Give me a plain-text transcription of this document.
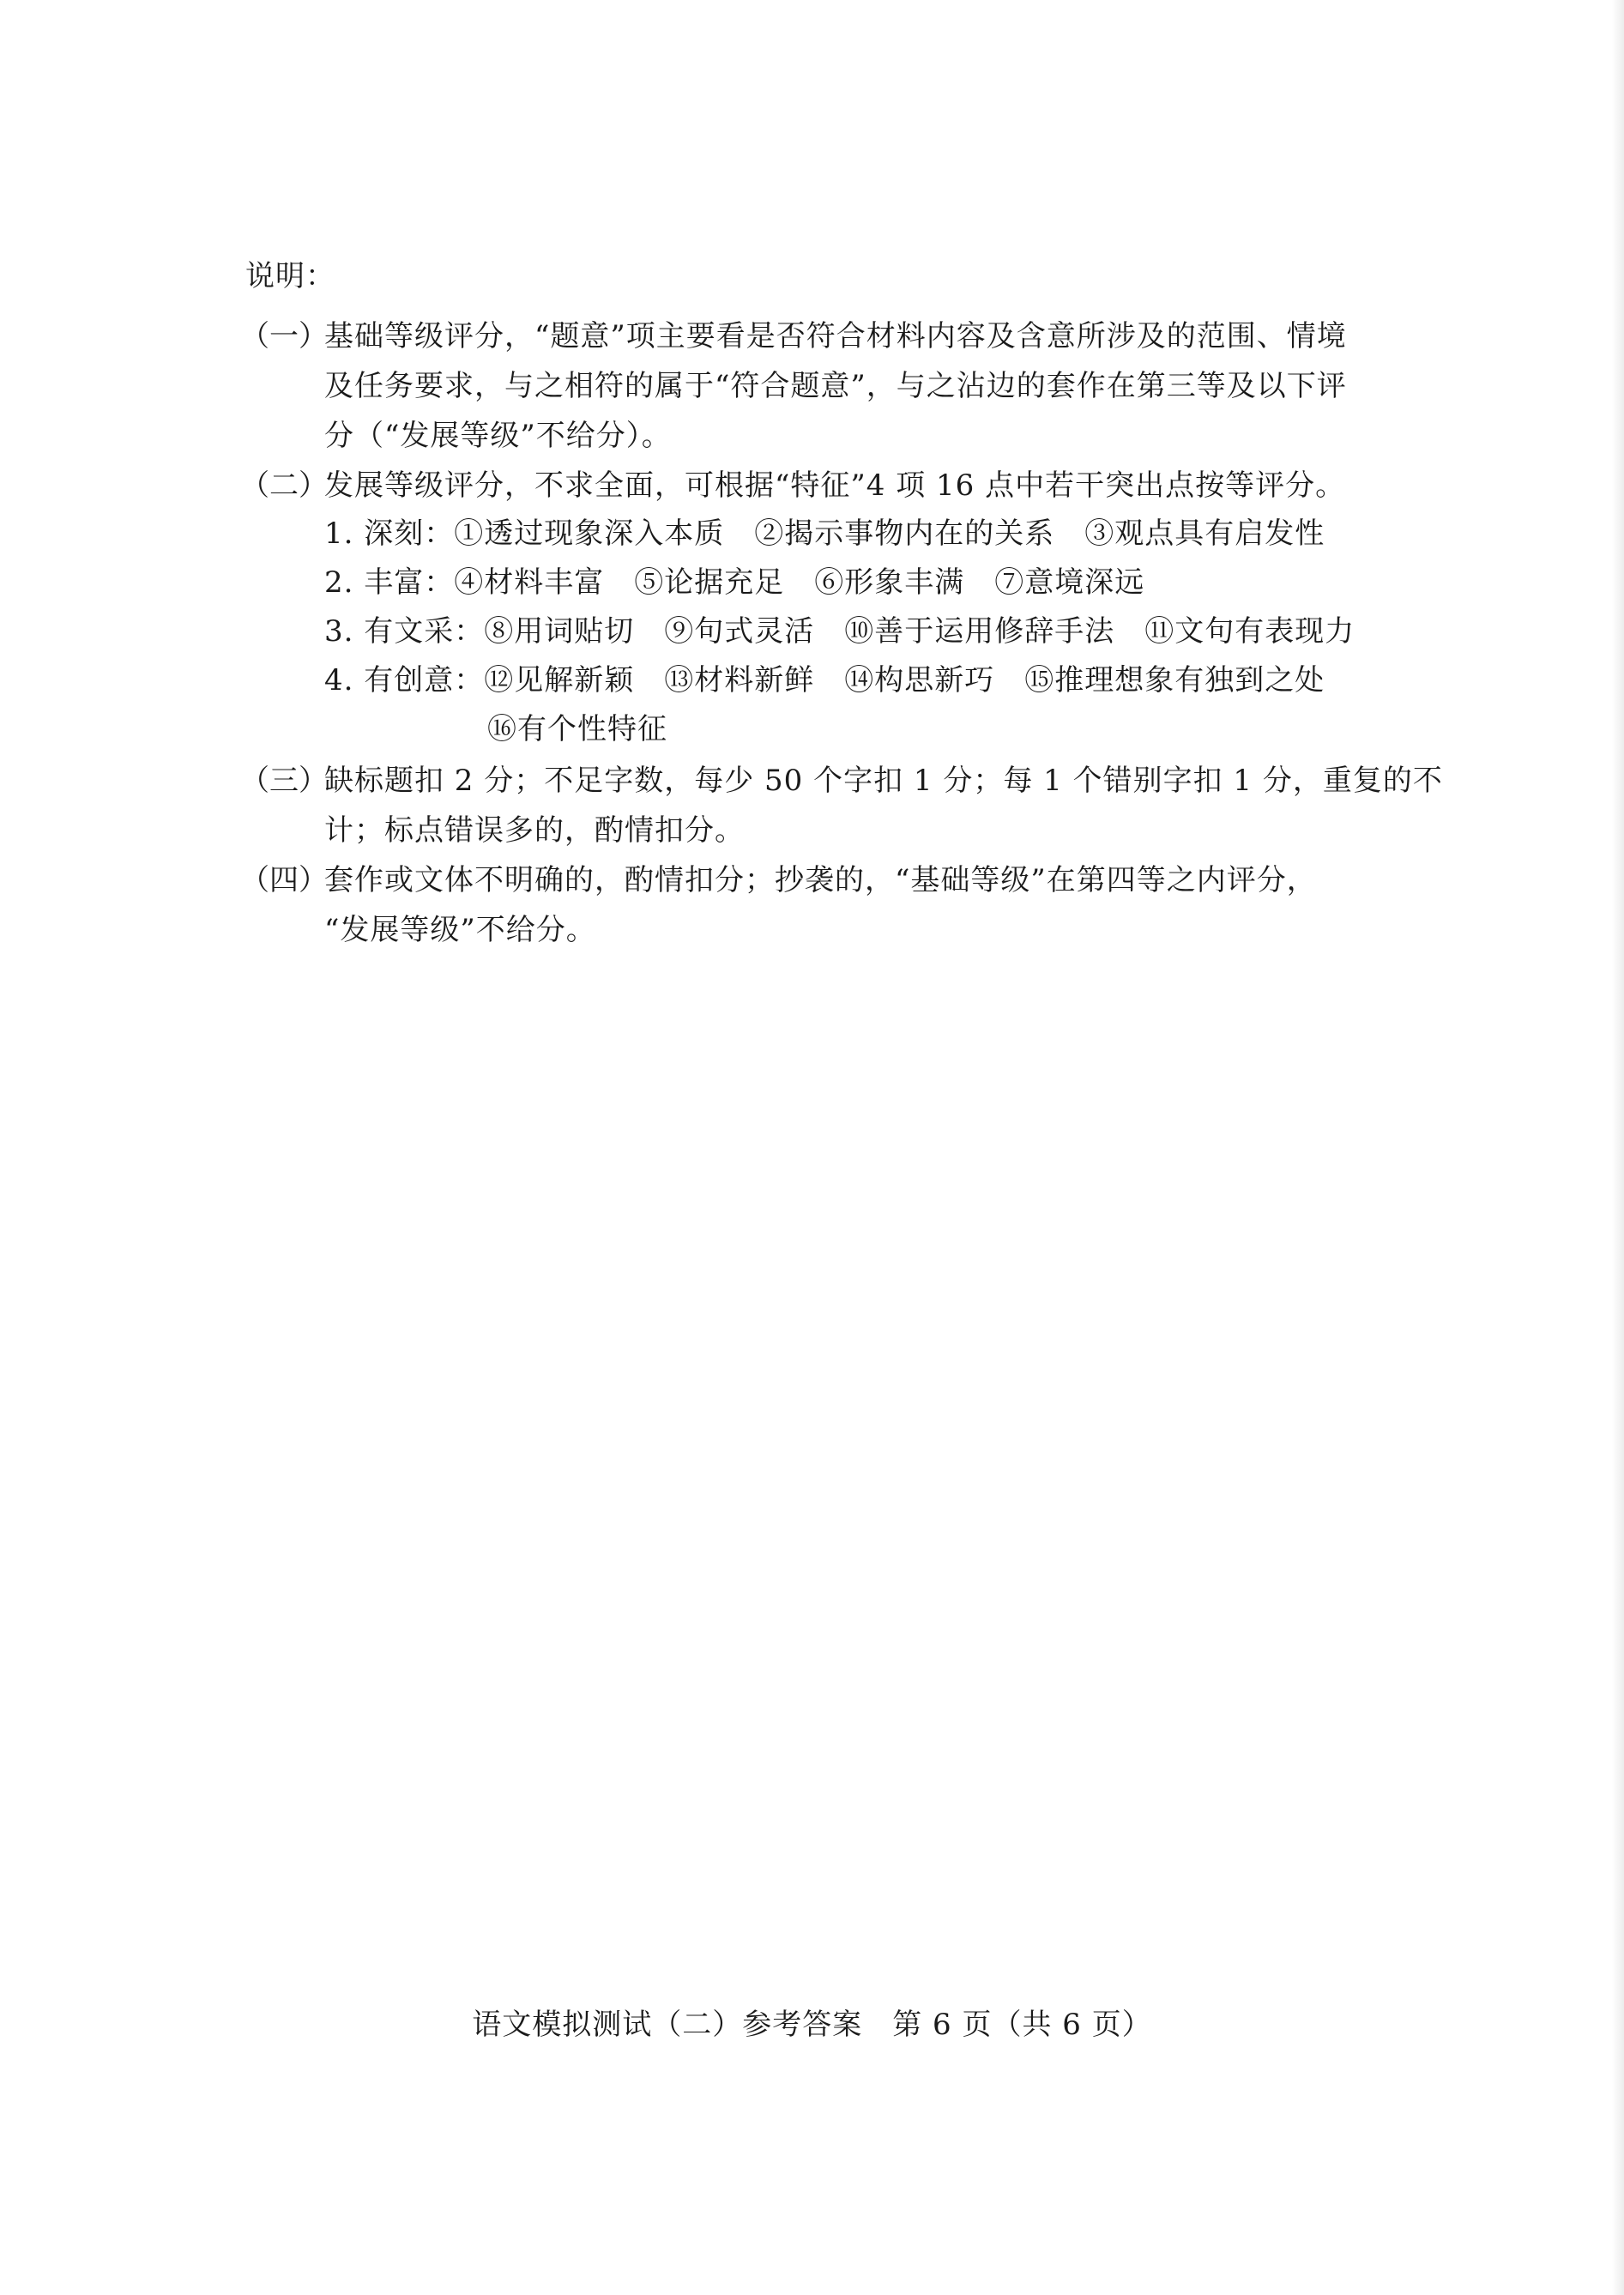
说明：
（一）
基础等级评分，“题意”项主要看是否符合材料内容及含意所涉及的范围、情境
及任务要求，与之相符的属于“符合题意”，与之沾边的套作在第三等及以下评
分（“发展等级”不给分）。
（二）
发展等级评分，不求全面，可根据“特征”4 项 16 点中若干突出点按等评分。
1. 深刻：①透过现象深入本质　②揭示事物内在的关系　③观点具有启发性
2. 丰富：④材料丰富　⑤论据充足　⑥形象丰满　⑦意境深远
3. 有文采：⑧用词贴切　⑨句式灵活　⑩善于运用修辞手法　⑪文句有表现力
4. 有创意：⑫见解新颖　⑬材料新鲜　⑭构思新巧　⑮推理想象有独到之处
⑯有个性特征
（三）
缺标题扣 2 分；不足字数，每少 50 个字扣 1 分；每 1 个错别字扣 1 分，重复的不
计；标点错误多的，酌情扣分。
（四）
套作或文体不明确的，酌情扣分；抄袭的，“基础等级”在第四等之内评分，
“发展等级”不给分。
语文模拟测试（二）参考答案　第 6 页（共 6 页）
